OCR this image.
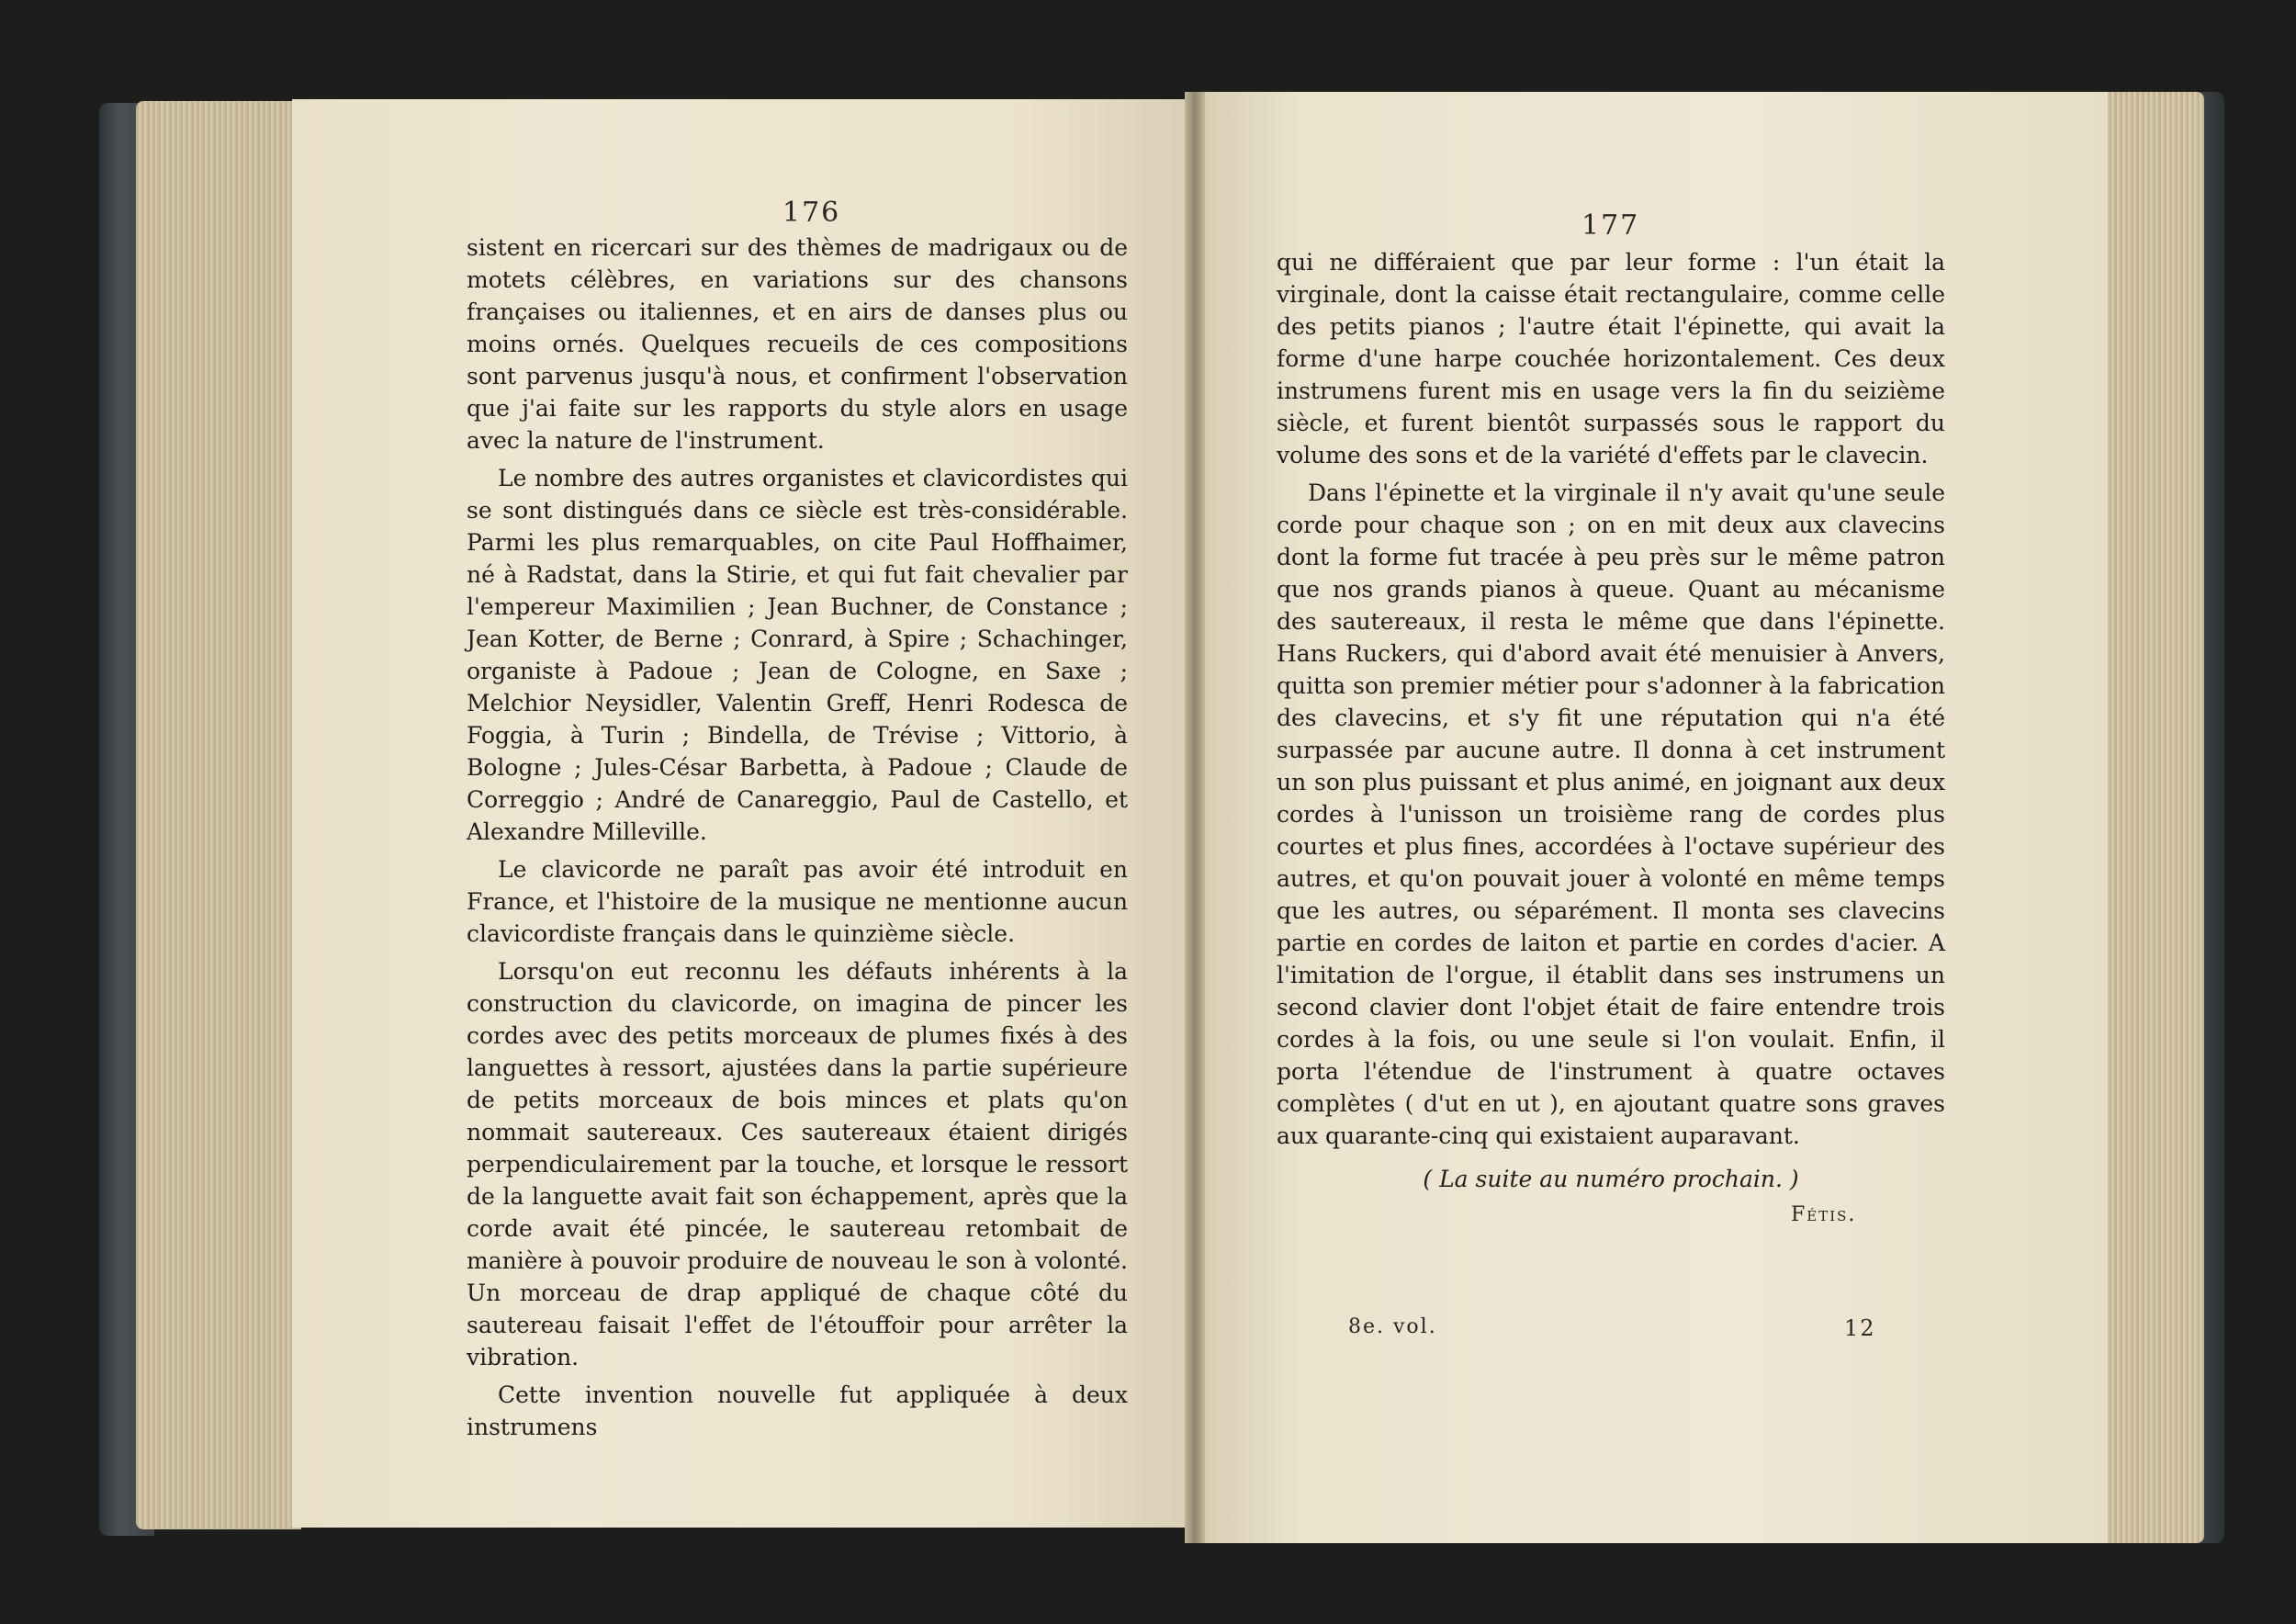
176

sistent en ricercari sur des thèmes de madrigaux ou de motets célèbres, en variations sur des chansons françaises ou italiennes, et en airs de danses plus ou moins ornés. Quelques recueils de ces compositions sont parvenus jusqu'à nous, et confirment l'observation que j'ai faite sur les rapports du style alors en usage avec la nature de l'instrument.

Le nombre des autres organistes et clavicordistes qui se sont distingués dans ce siècle est très-considérable. Parmi les plus remarquables, on cite Paul Hoffhaimer, né à Radstat, dans la Stirie, et qui fut fait chevalier par l'empereur Maximilien ; Jean Buchner, de Constance ; Jean Kotter, de Berne ; Conrard, à Spire ; Schachinger, organiste à Padoue ; Jean de Cologne, en Saxe ; Melchior Neysidler, Valentin Greff, Henri Rodesca de Foggia, à Turin ; Bindella, de Trévise ; Vittorio, à Bologne ; Jules-César Barbetta, à Padoue ; Claude de Correggio ; André de Canareggio, Paul de Castello, et Alexandre Milleville.

Le clavicorde ne paraît pas avoir été introduit en France, et l'histoire de la musique ne mentionne aucun clavicordiste français dans le quinzième siècle.

Lorsqu'on eut reconnu les défauts inhérents à la construction du clavicorde, on imagina de pincer les cordes avec des petits morceaux de plumes fixés à des languettes à ressort, ajustées dans la partie supérieure de petits morceaux de bois minces et plats qu'on nommait sautereaux. Ces sautereaux étaient dirigés perpendiculairement par la touche, et lorsque le ressort de la languette avait fait son échappement, après que la corde avait été pincée, le sautereau retombait de manière à pouvoir produire de nouveau le son à volonté. Un morceau de drap appliqué de chaque côté du sautereau faisait l'effet de l'étouffoir pour arrêter la vibration.

Cette invention nouvelle fut appliquée à deux instrumens

177

qui ne différaient que par leur forme : l'un était la virginale, dont la caisse était rectangulaire, comme celle des petits pianos ; l'autre était l'épinette, qui avait la forme d'une harpe couchée horizontalement. Ces deux instrumens furent mis en usage vers la fin du seizième siècle, et furent bientôt surpassés sous le rapport du volume des sons et de la variété d'effets par le clavecin.

Dans l'épinette et la virginale il n'y avait qu'une seule corde pour chaque son ; on en mit deux aux clavecins dont la forme fut tracée à peu près sur le même patron que nos grands pianos à queue. Quant au mécanisme des sautereaux, il resta le même que dans l'épinette. Hans Ruckers, qui d'abord avait été menuisier à Anvers, quitta son premier métier pour s'adonner à la fabrication des clavecins, et s'y fit une réputation qui n'a été surpassée par aucune autre. Il donna à cet instrument un son plus puissant et plus animé, en joignant aux deux cordes à l'unisson un troisième rang de cordes plus courtes et plus fines, accordées à l'octave supérieur des autres, et qu'on pouvait jouer à volonté en même temps que les autres, ou séparément. Il monta ses clavecins partie en cordes de laiton et partie en cordes d'acier. A l'imitation de l'orgue, il établit dans ses instrumens un second clavier dont l'objet était de faire entendre trois cordes à la fois, ou une seule si l'on voulait. Enfin, il porta l'étendue de l'instrument à quatre octaves complètes ( d'ut en ut ), en ajoutant quatre sons graves aux quarante-cinq qui existaient auparavant.

( La suite au numéro prochain. )

Fétis.
8e. vol.	12
